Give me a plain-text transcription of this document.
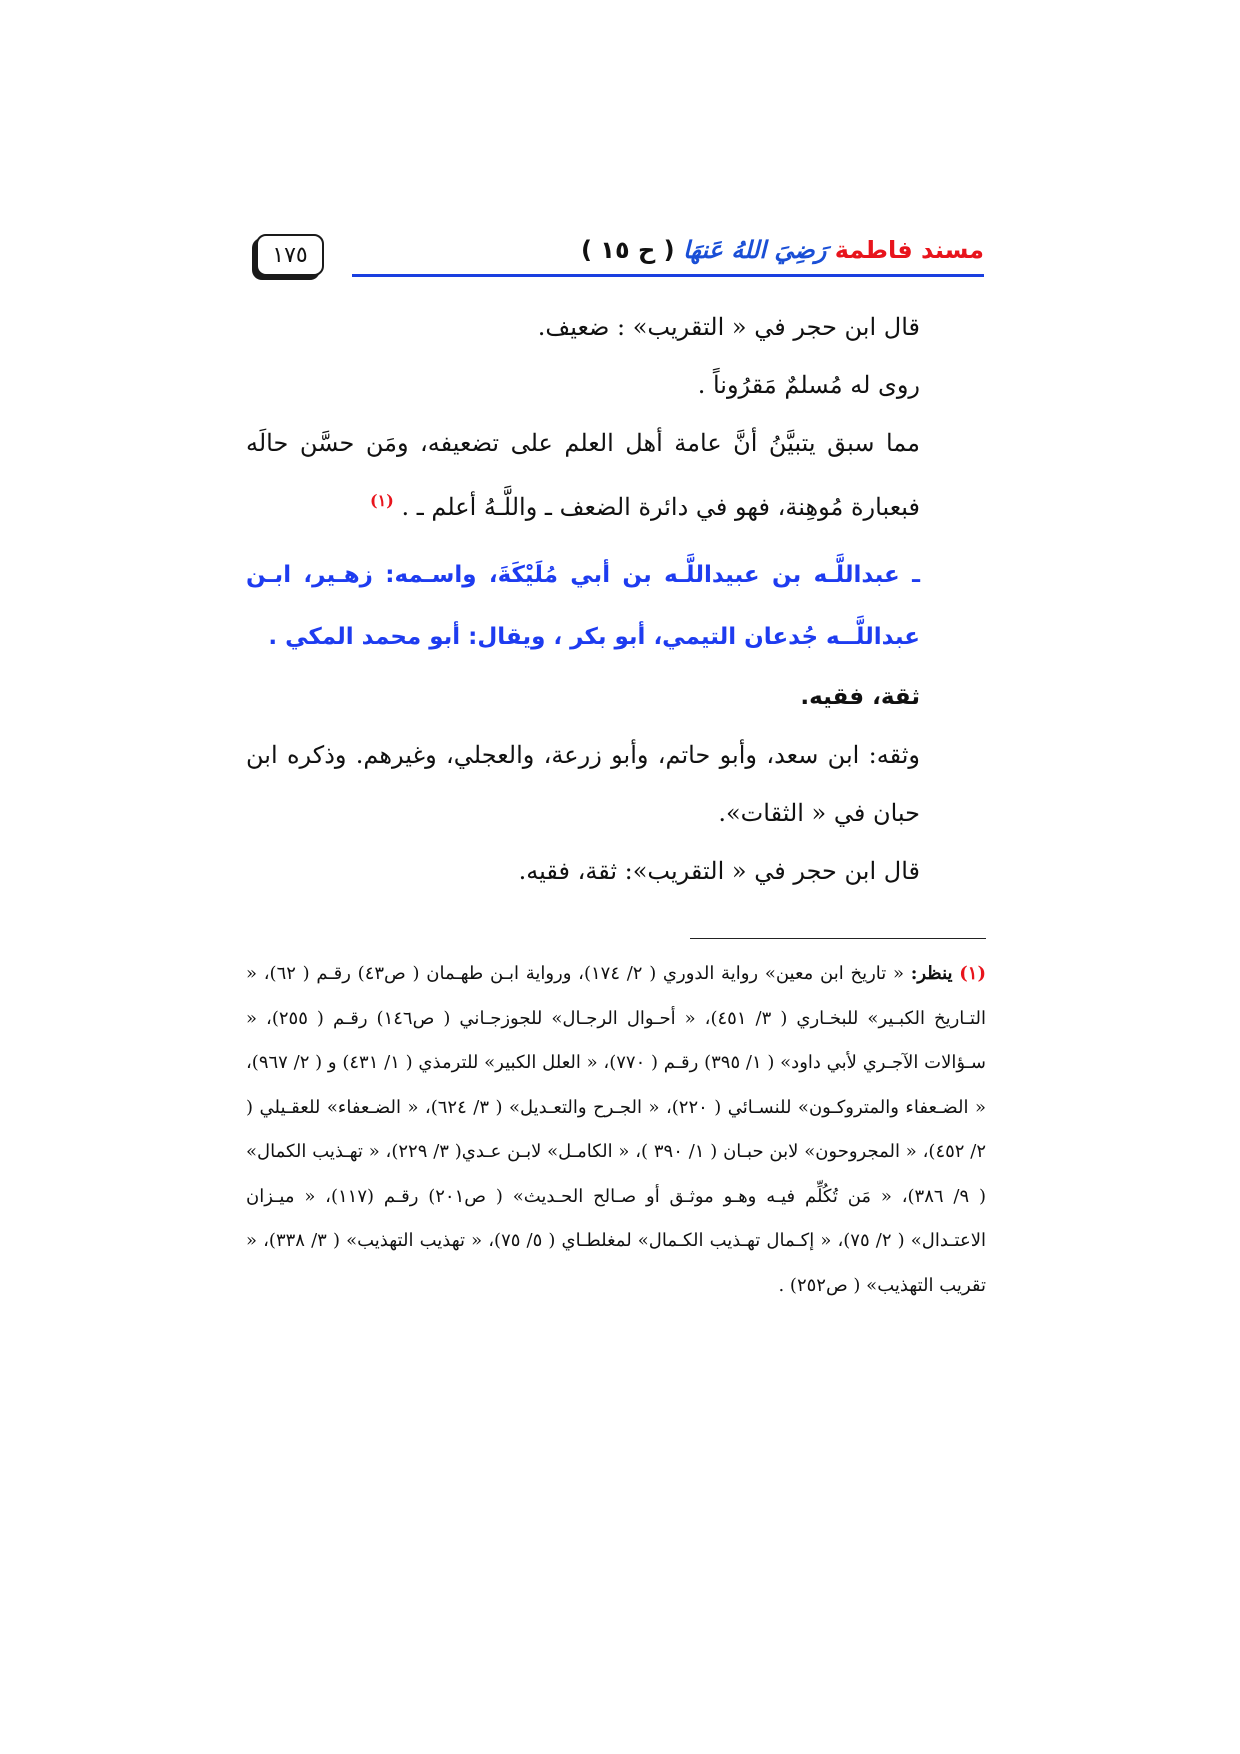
١٧٥	مسند فاطمة رَضِيَ اللهُ عَنهَا ( ح ١٥ )

قال ابن حجر في « التقريب» : ضعيف.

روى له مُسلمٌ مَقرُوناً .

مما سبق يتبيَّنُ أنَّ عامة أهل العلم على تضعيفه، ومَن حسَّن حالَه فبعبارة مُوهِنة، فهو في دائرة الضعف ـ واللَّـهُ أعلم ـ . $^{(١)}$

ـ عبداللَّـه بن عبيداللَّـه بن أبي مُلَيْكَةَ، واسـمه: زهـير، ابـن عبداللَّــه جُدعان التيمي، أبو بكر ، ويقال: أبو محمد المكي .

ثقة، فقيه.

وثقه: ابن سعد، وأبو حاتم، وأبو زرعة، والعجلي، وغيرهم. وذكره ابن حبان في « الثقات».

قال ابن حجر في « التقريب»: ثقة، فقيه.

(١) ينظر: « تاريخ ابن معين» رواية الدوري ( ٢/ ١٧٤)، ورواية ابـن طهـمان ( ص٤٣) رقـم ( ٦٢)، « التـاريخ الكبـير» للبخـاري ( ٣/ ٤٥١)، « أحـوال الرجـال» للجوزجـاني ( ص١٤٦) رقـم ( ٢٥٥)، « سـؤالات الآجـري لأبي داود» ( ١/ ٣٩٥) رقـم ( ٧٧٠)، « العلل الكبير» للترمذي ( ١/ ٤٣١) و ( ٢/ ٩٦٧)، « الضـعفاء والمتروكـون» للنسـائي ( ٢٢٠)، « الجـرح والتعـديل» ( ٣/ ٦٢٤)، « الضـعفاء» للعقـيلي ( ٢/ ٤٥٢)، « المجروحون» لابن حبـان ( ١/ ٣٩٠ )، « الكامـل» لابـن عـدي( ٣/ ٢٢٩)، « تهـذيب الكمال» ( ٩/ ٣٨٦)، « مَن تُكُلِّم فيـه وهـو موثـق أو صـالح الحـديث» ( ص٢٠١) رقـم (١١٧)، « ميـزان الاعتـدال» ( ٢/ ٧٥)، « إكـمال تهـذيب الكـمال» لمغلطـاي ( ٥/ ٧٥)، « تهذيب التهذيب» ( ٣/ ٣٣٨)، « تقريب التهذيب» ( ص٢٥٢) .
